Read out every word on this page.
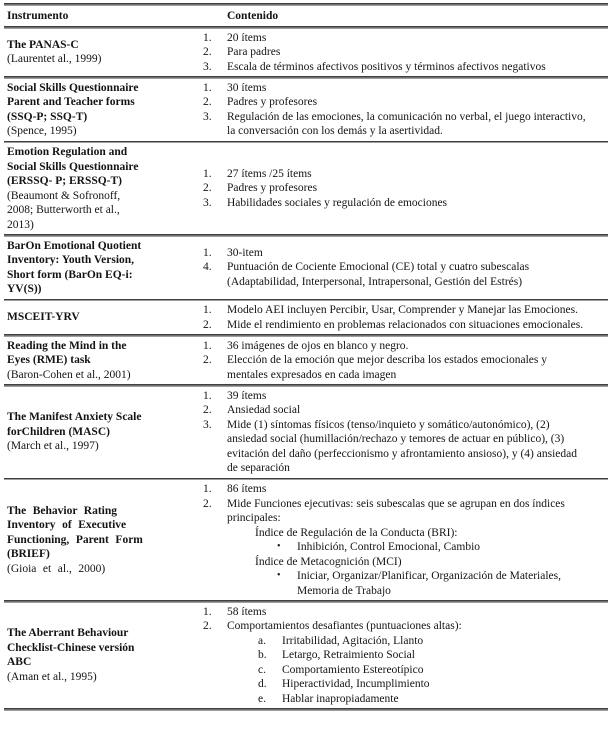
Instrumento	Contenido
The PANAS-C
(Laurentet al., 1999)
1.	20 ítems
2.	Para padres
3.	Escala de términos afectivos positivos y términos afectivos negativos
Social Skills Questionnaire
Parent and Teacher forms
(SSQ-P; SSQ-T)
(Spence, 1995)
1.	30 ítems
2.	Padres y profesores
3.	Regulación de las emociones, la comunicación no verbal, el juego interactivo, la conversación con los demás y la asertividad.
Emotion Regulation and
Social Skills Questionnaire
(ERSSQ- P; ERSSQ-T)
(Beaumont & Sofronoff,
2008; Butterworth et al.,
2013)
1.	27 ítems /25 ítems
2.	Padres y profesores
3.	Habilidades sociales y regulación de emociones
BarOn Emotional Quotient
Inventory: Youth Version,
Short form (BarOn EQ-i:
YV(S))
1.	30-item
4.	Puntuación de Cociente Emocional (CE) total y cuatro subescalas (Adaptabilidad, Interpersonal, Intrapersonal, Gestión del Estrés)
MSCEIT-YRV
1.	Modelo AEI incluyen Percibir, Usar, Comprender y Manejar las Emociones.
2.	Mide el rendimiento en problemas relacionados con situaciones emocionales.
Reading the Mind in the
Eyes (RME) task
(Baron-Cohen et al., 2001)
1.	36 imágenes de ojos en blanco y negro.
2.	Elección de la emoción que mejor describa los estados emocionales y mentales expresados en cada imagen
The Manifest Anxiety Scale
forChildren (MASC)
(March et al., 1997)
1.	39 ítems
2.	Ansiedad social
3.	Mide (1) síntomas físicos (tenso/inquieto y somático/autonómico), (2) ansiedad social (humillación/rechazo y temores de actuar en público), (3) evitación del daño (perfeccionismo y afrontamiento ansioso), y (4) ansiedad de separación
The Behavior Rating
Inventory of Executive
Functioning, Parent Form
(BRIEF)
(Gioia et al., 2000)
1.	86 ítems
2.	Mide Funciones ejecutivas: seis subescalas que se agrupan en dos índices principales:
Índice de Regulación de la Conducta (BRI):
•	Inhibición, Control Emocional, Cambio
Índice de Metacognición (MCI)
•	Iniciar, Organizar/Planificar, Organización de Materiales, Memoria de Trabajo
The Aberrant Behaviour
Checklist-Chinese versión
ABC
(Aman et al., 1995)
1.	58 ítems
2.	Comportamientos desafiantes (puntuaciones altas):
a.	Irritabilidad, Agitación, Llanto
b.	Letargo, Retraimiento Social
c.	Comportamiento Estereotípico
d.	Hiperactividad, Incumplimiento
e.	Hablar inapropiadamente
